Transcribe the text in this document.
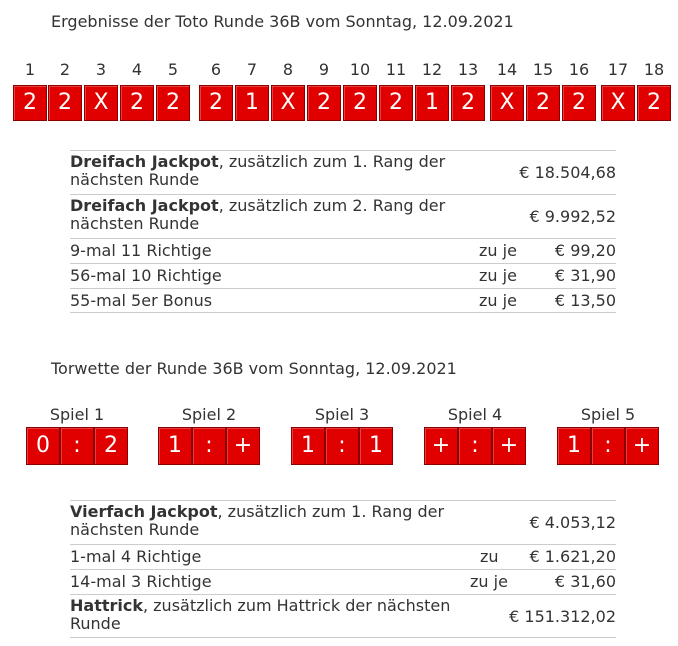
Ergebnisse der Toto Runde 36B vom Sonntag, 12.09.2021
1	2	3	4	5	6	7	8	9	10 11 12 13	14 15 16	17 18
2 2 X 2	2	2	1 X 2	2	2	1	2	X 2	2	X 2
Dreifach Jackpot, zusätzlich zum 1. Rang der nächsten Runde	€ 18.504,68
Dreifach Jackpot, zusätzlich zum 2. Rang der nächsten Runde	€ 9.992,52
9-mal 11 Richtige	zu je € 99,20
56-mal 10 Richtige	zu je € 31,90
55-mal 5er Bonus	zu je € 13,50
Torwette der Runde 36B vom Sonntag, 12.09.2021
Spiel 1	Spiel 2	Spiel 3	Spiel 4	Spiel 5
0	:	2	1	: +	1	:	1	+ : +	1	: +
Vierfach Jackpot, zusätzlich zum 1. Rang der nächsten Runde	€ 4.053,12
1-mal 4 Richtige	zu € 1.621,20
14-mal 3 Richtige	zu je	€ 31,60
Hattrick, zusätzlich zum Hattrick der nächsten Runde	€ 151.312,02
